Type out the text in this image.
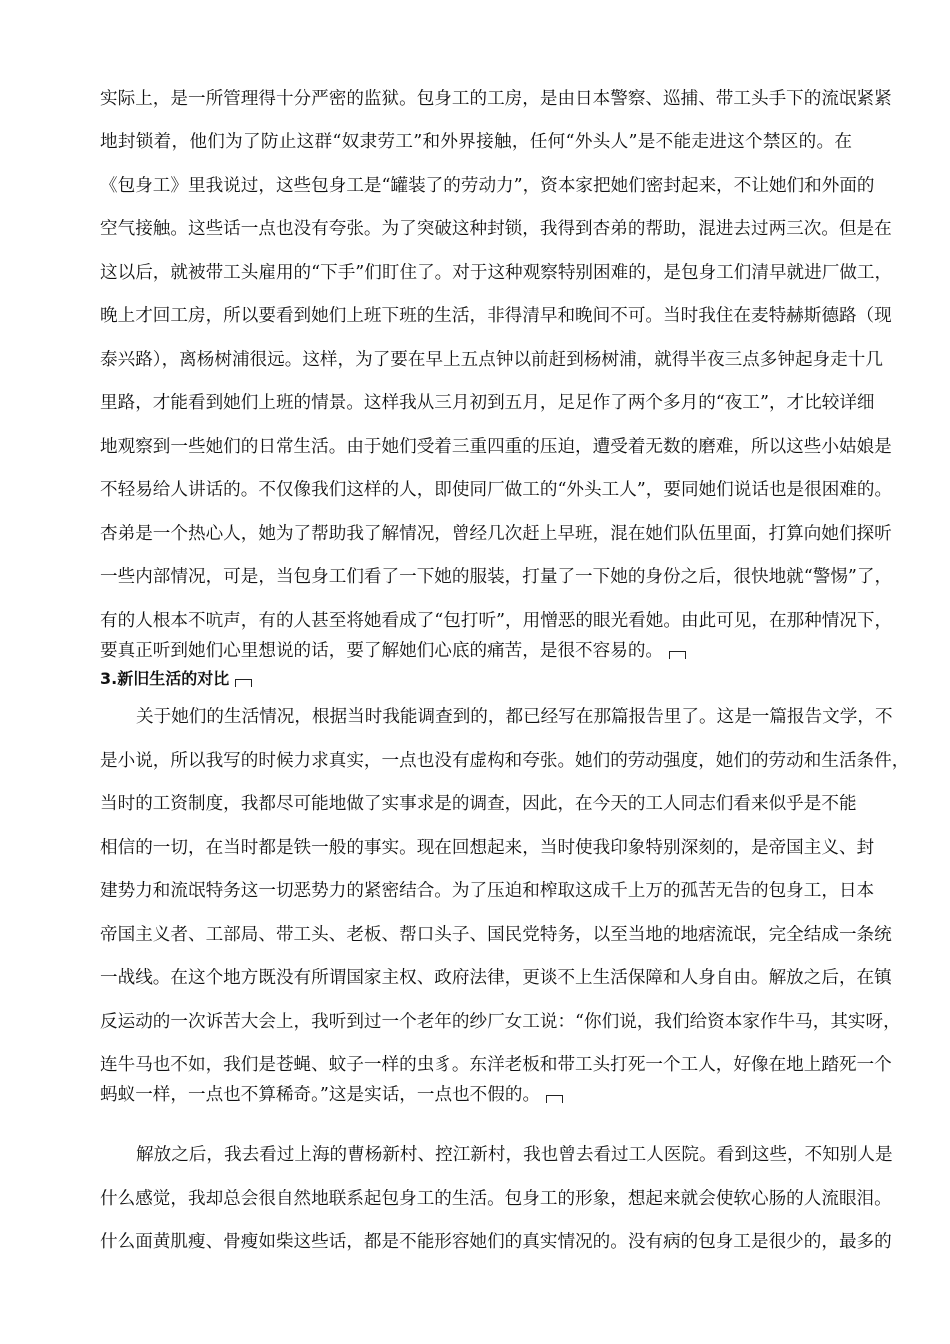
实际上，是一所管理得十分严密的监狱。包身工的工房，是由日本警察、巡捕、带工头手下的流氓紧紧
地封锁着，他们为了防止这群“奴隶劳工”和外界接触，任何“外头人”是不能走进这个禁区的。在
《包身工》里我说过，这些包身工是“罐装了的劳动力”，资本家把她们密封起来，不让她们和外面的
空气接触。这些话一点也没有夸张。为了突破这种封锁，我得到杏弟的帮助，混进去过两三次。但是在
这以后，就被带工头雇用的“下手”们盯住了。对于这种观察特别困难的，是包身工们清早就进厂做工，
晚上才回工房，所以要看到她们上班下班的生活，非得清早和晚间不可。当时我住在麦特赫斯德路（现
泰兴路），离杨树浦很远。这样，为了要在早上五点钟以前赶到杨树浦，就得半夜三点多钟起身走十几
里路，才能看到她们上班的情景。这样我从三月初到五月，足足作了两个多月的“夜工”，才比较详细
地观察到一些她们的日常生活。由于她们受着三重四重的压迫，遭受着无数的磨难，所以这些小姑娘是
不轻易给人讲话的。不仅像我们这样的人，即使同厂做工的“外头工人”，要同她们说话也是很困难的。
杏弟是一个热心人，她为了帮助我了解情况，曾经几次赶上早班，混在她们队伍里面，打算向她们探听
一些内部情况，可是，当包身工们看了一下她的服装，打量了一下她的身份之后，很快地就“警惕”了，
有的人根本不吭声，有的人甚至将她看成了“包打听”，用憎恶的眼光看她。由此可见，在那种情况下，
要真正听到她们心里想说的话，要了解她们心底的痛苦，是很不容易的。
3.新旧生活的对比
关于她们的生活情况，根据当时我能调查到的，都已经写在那篇报告里了。这是一篇报告文学，不
是小说，所以我写的时候力求真实，一点也没有虚构和夸张。她们的劳动强度，她们的劳动和生活条件，
当时的工资制度，我都尽可能地做了实事求是的调查，因此，在今天的工人同志们看来似乎是不能
相信的一切，在当时都是铁一般的事实。现在回想起来，当时使我印象特别深刻的，是帝国主义、封
建势力和流氓特务这一切恶势力的紧密结合。为了压迫和榨取这成千上万的孤苦无告的包身工，日本
帝国主义者、工部局、带工头、老板、帮口头子、国民党特务，以至当地的地痞流氓，完全结成一条统
一战线。在这个地方既没有所谓国家主权、政府法律，更谈不上生活保障和人身自由。解放之后，在镇
反运动的一次诉苦大会上，我听到过一个老年的纱厂女工说：“你们说，我们给资本家作牛马，其实呀，
连牛马也不如，我们是苍蝇、蚊子一样的虫豸。东洋老板和带工头打死一个工人，好像在地上踏死一个
蚂蚁一样，一点也不算稀奇。”这是实话，一点也不假的。
解放之后，我去看过上海的曹杨新村、控江新村，我也曾去看过工人医院。看到这些，不知别人是
什么感觉，我却总会很自然地联系起包身工的生活。包身工的形象，想起来就会使软心肠的人流眼泪。
什么面黄肌瘦、骨瘦如柴这些话，都是不能形容她们的真实情况的。没有病的包身工是很少的，最多的
